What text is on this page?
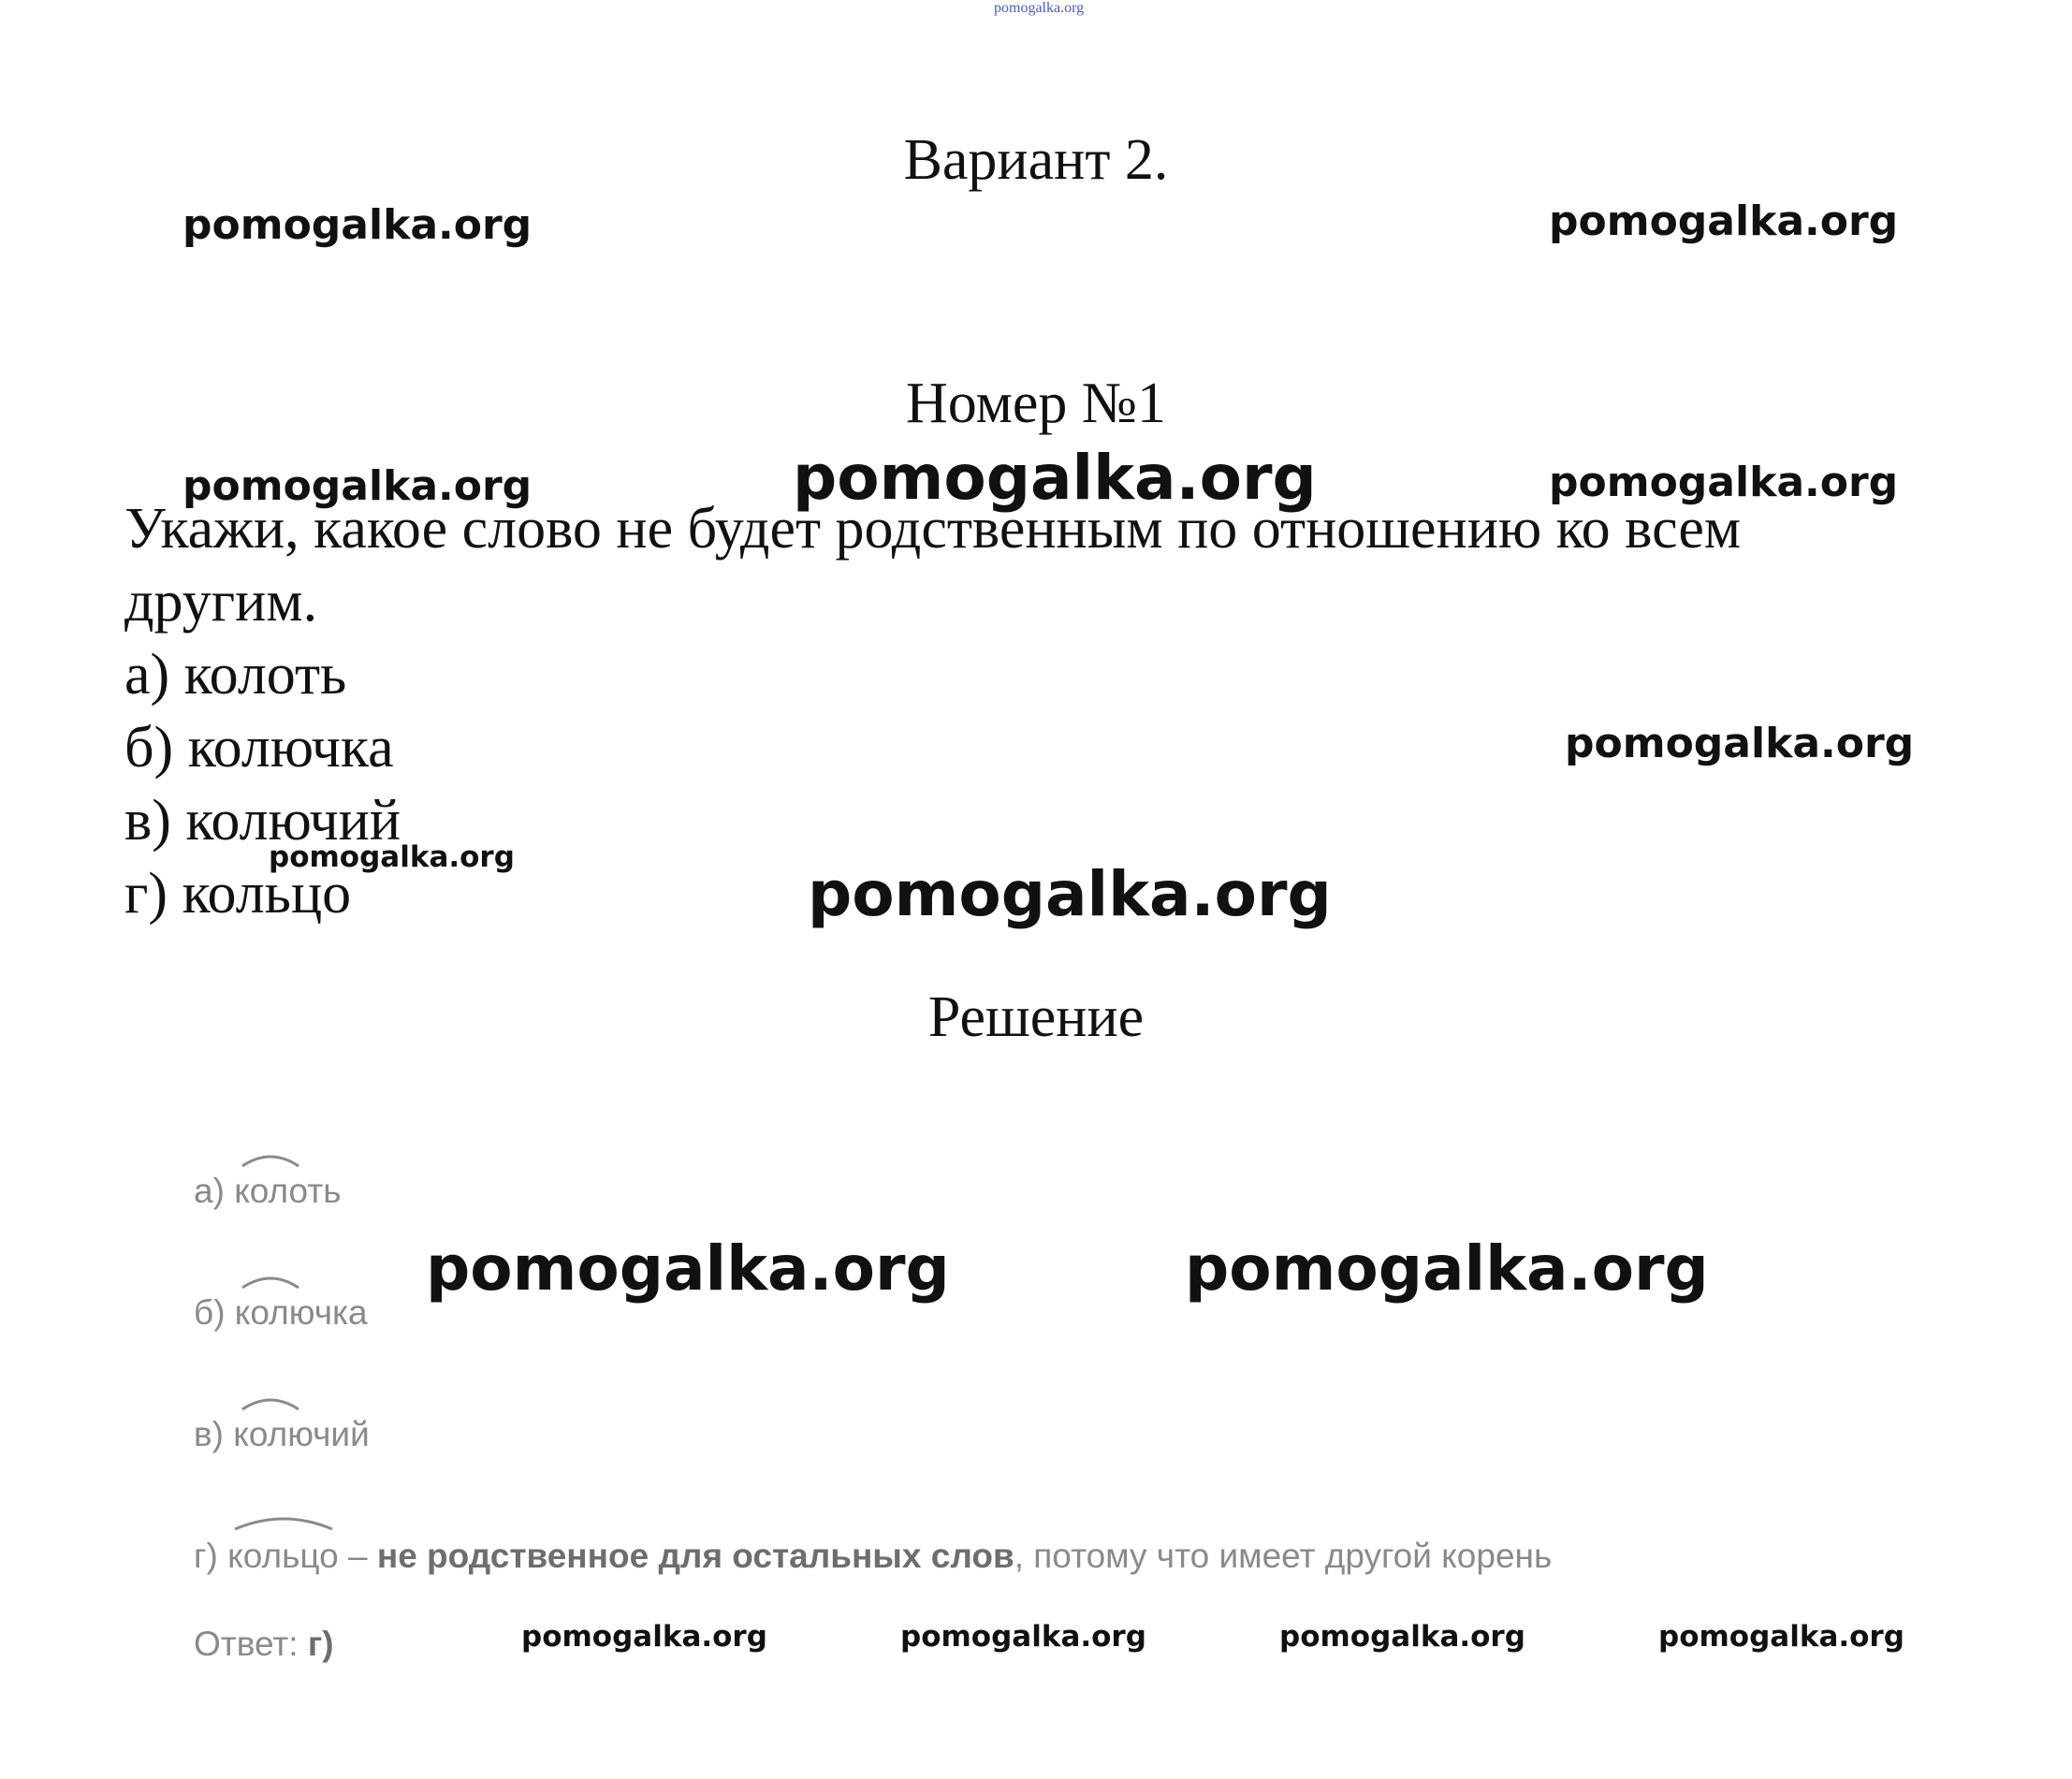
pomogalka.org
Вариант 2.
pomogalka.org	pomogalka.org
Номер №1
pomogalka.org	pomogalka.org	pomogalka.org
Укажи, какое слово не будет родственным по отношению ко всем
другим.
а) колоть
б) колючка
в) колючий
г) кольцо
pomogalka.org
pomogalka.org
pomogalka.org
Решение
а) колоть
б) колючка
pomogalka.org	pomogalka.org
в) колючий
г) кольцо – не родственное для остальных слов, потому что имеет другой корень
Ответ: г)	pomogalka.org	pomogalka.org	pomogalka.org	pomogalka.org
